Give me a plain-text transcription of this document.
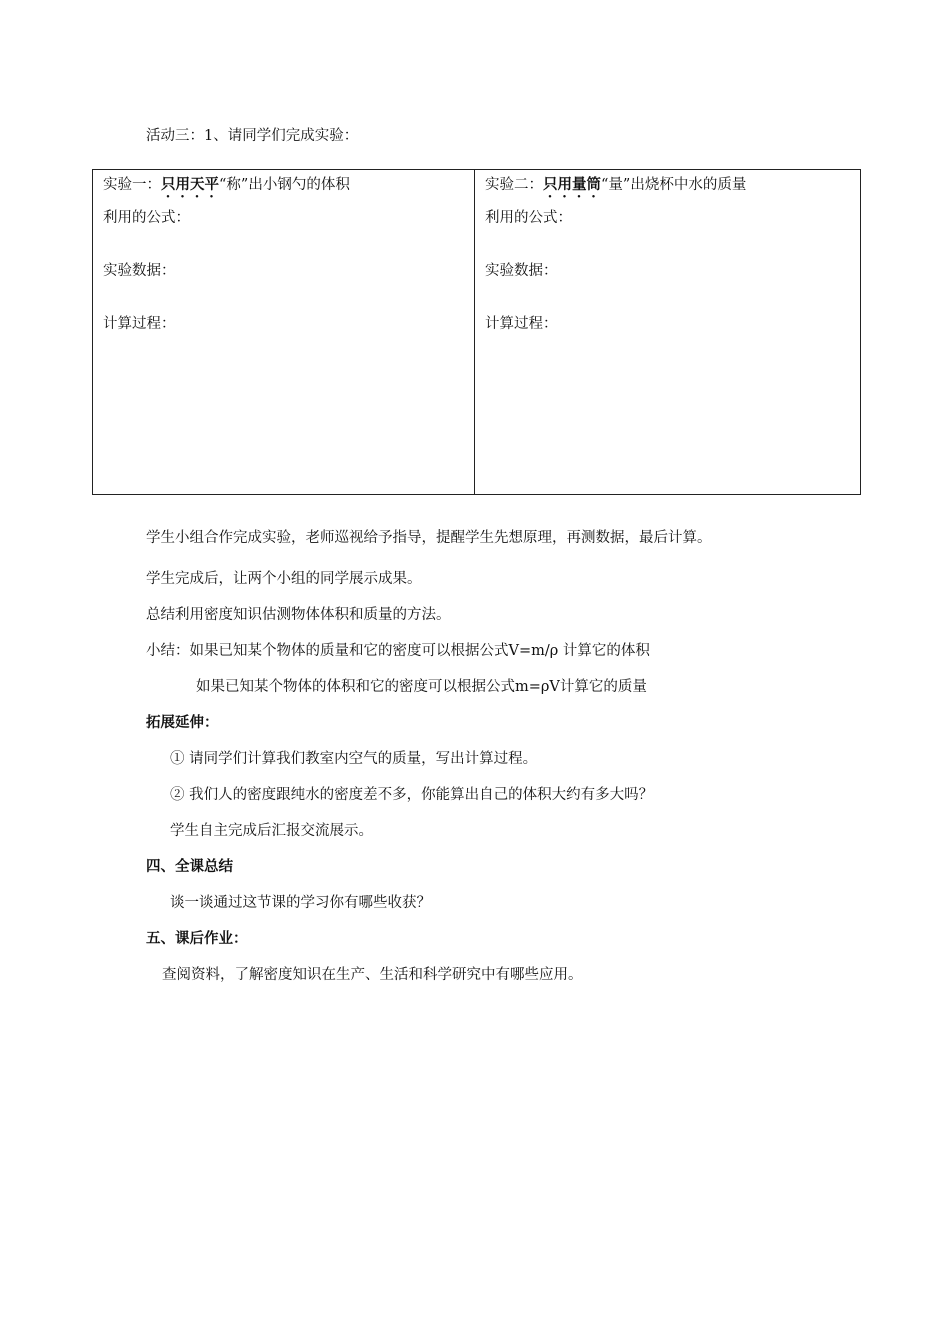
活动三：1、请同学们完成实验：
实验一：只用天平“称”出小钢勺的体积
利用的公式：
实验数据：
计算过程：
实验二：只用量筒“量”出烧杯中水的质量
利用的公式：
实验数据：
计算过程：
学生小组合作完成实验，老师巡视给予指导，提醒学生先想原理，再测数据，最后计算。
学生完成后，让两个小组的同学展示成果。
总结利用密度知识估测物体体积和质量的方法。
小结：如果已知某个物体的质量和它的密度可以根据公式V=m/ρ 计算它的体积
如果已知某个物体的体积和它的密度可以根据公式m=ρV计算它的质量
拓展延伸：
① 请同学们计算我们教室内空气的质量，写出计算过程。
② 我们人的密度跟纯水的密度差不多，你能算出自己的体积大约有多大吗？
学生自主完成后汇报交流展示。
四、全课总结
谈一谈通过这节课的学习你有哪些收获？
五、课后作业：
查阅资料，了解密度知识在生产、生活和科学研究中有哪些应用。
